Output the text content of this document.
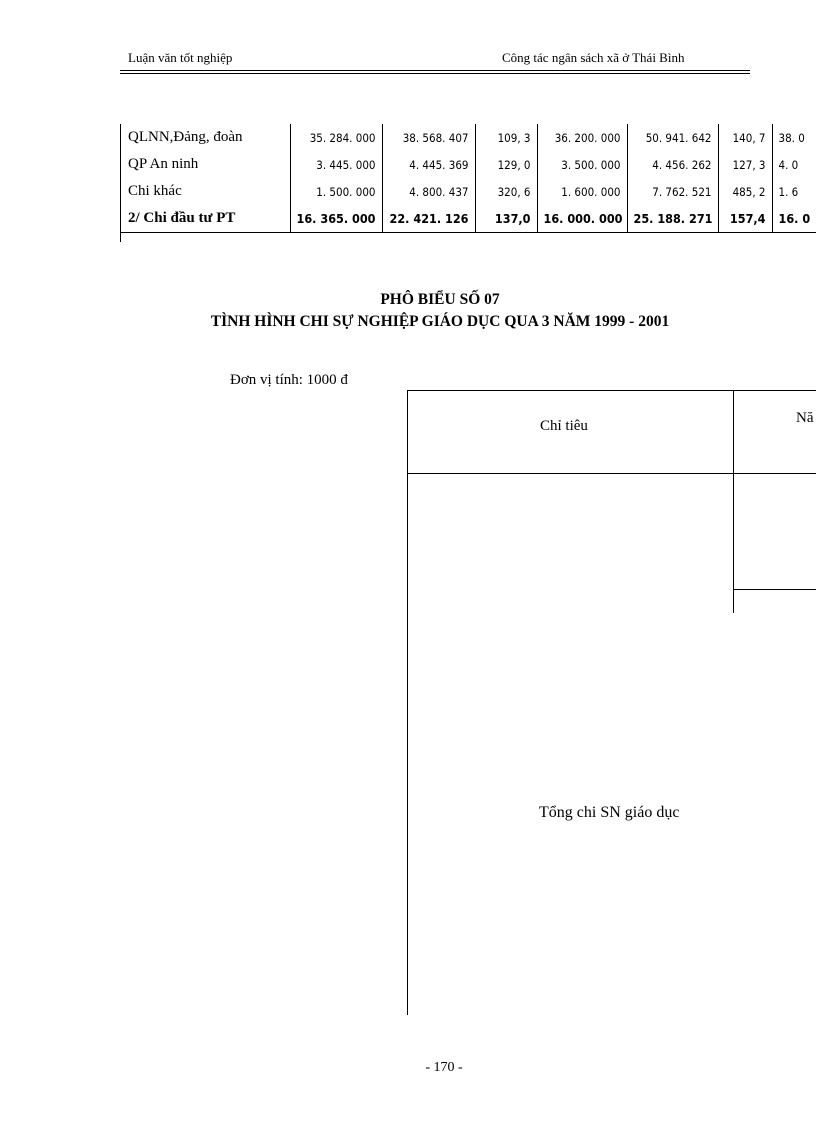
Luận văn tốt nghiệp	Công tác ngân sách xã ở Thái Bình
QLNN,Đảng, đoàn	35. 284. 000	38. 568. 407	109, 3	36. 200. 000	50. 941. 642	140, 7	38. 0
QP An ninh	3. 445. 000	4. 445. 369	129, 0	3. 500. 000	4. 456. 262	127, 3	4. 0
Chi khác	1. 500. 000	4. 800. 437	320, 6	1. 600. 000	7. 762. 521	485, 2	1. 6
2/ Chi đầu tư PT	16. 365. 000	22. 421. 126	137,0	16. 000. 000	25. 188. 271	157,4	16. 0
PHÔ BIỂU SỐ 07
TÌNH HÌNH CHI SỰ NGHIỆP GIÁO DỤC QUA 3 NĂM 1999 - 2001
Đơn vị tính: 1000 đ
Chỉ tiêu	Nă
Tổng chi SN giáo dục
- 170 -
